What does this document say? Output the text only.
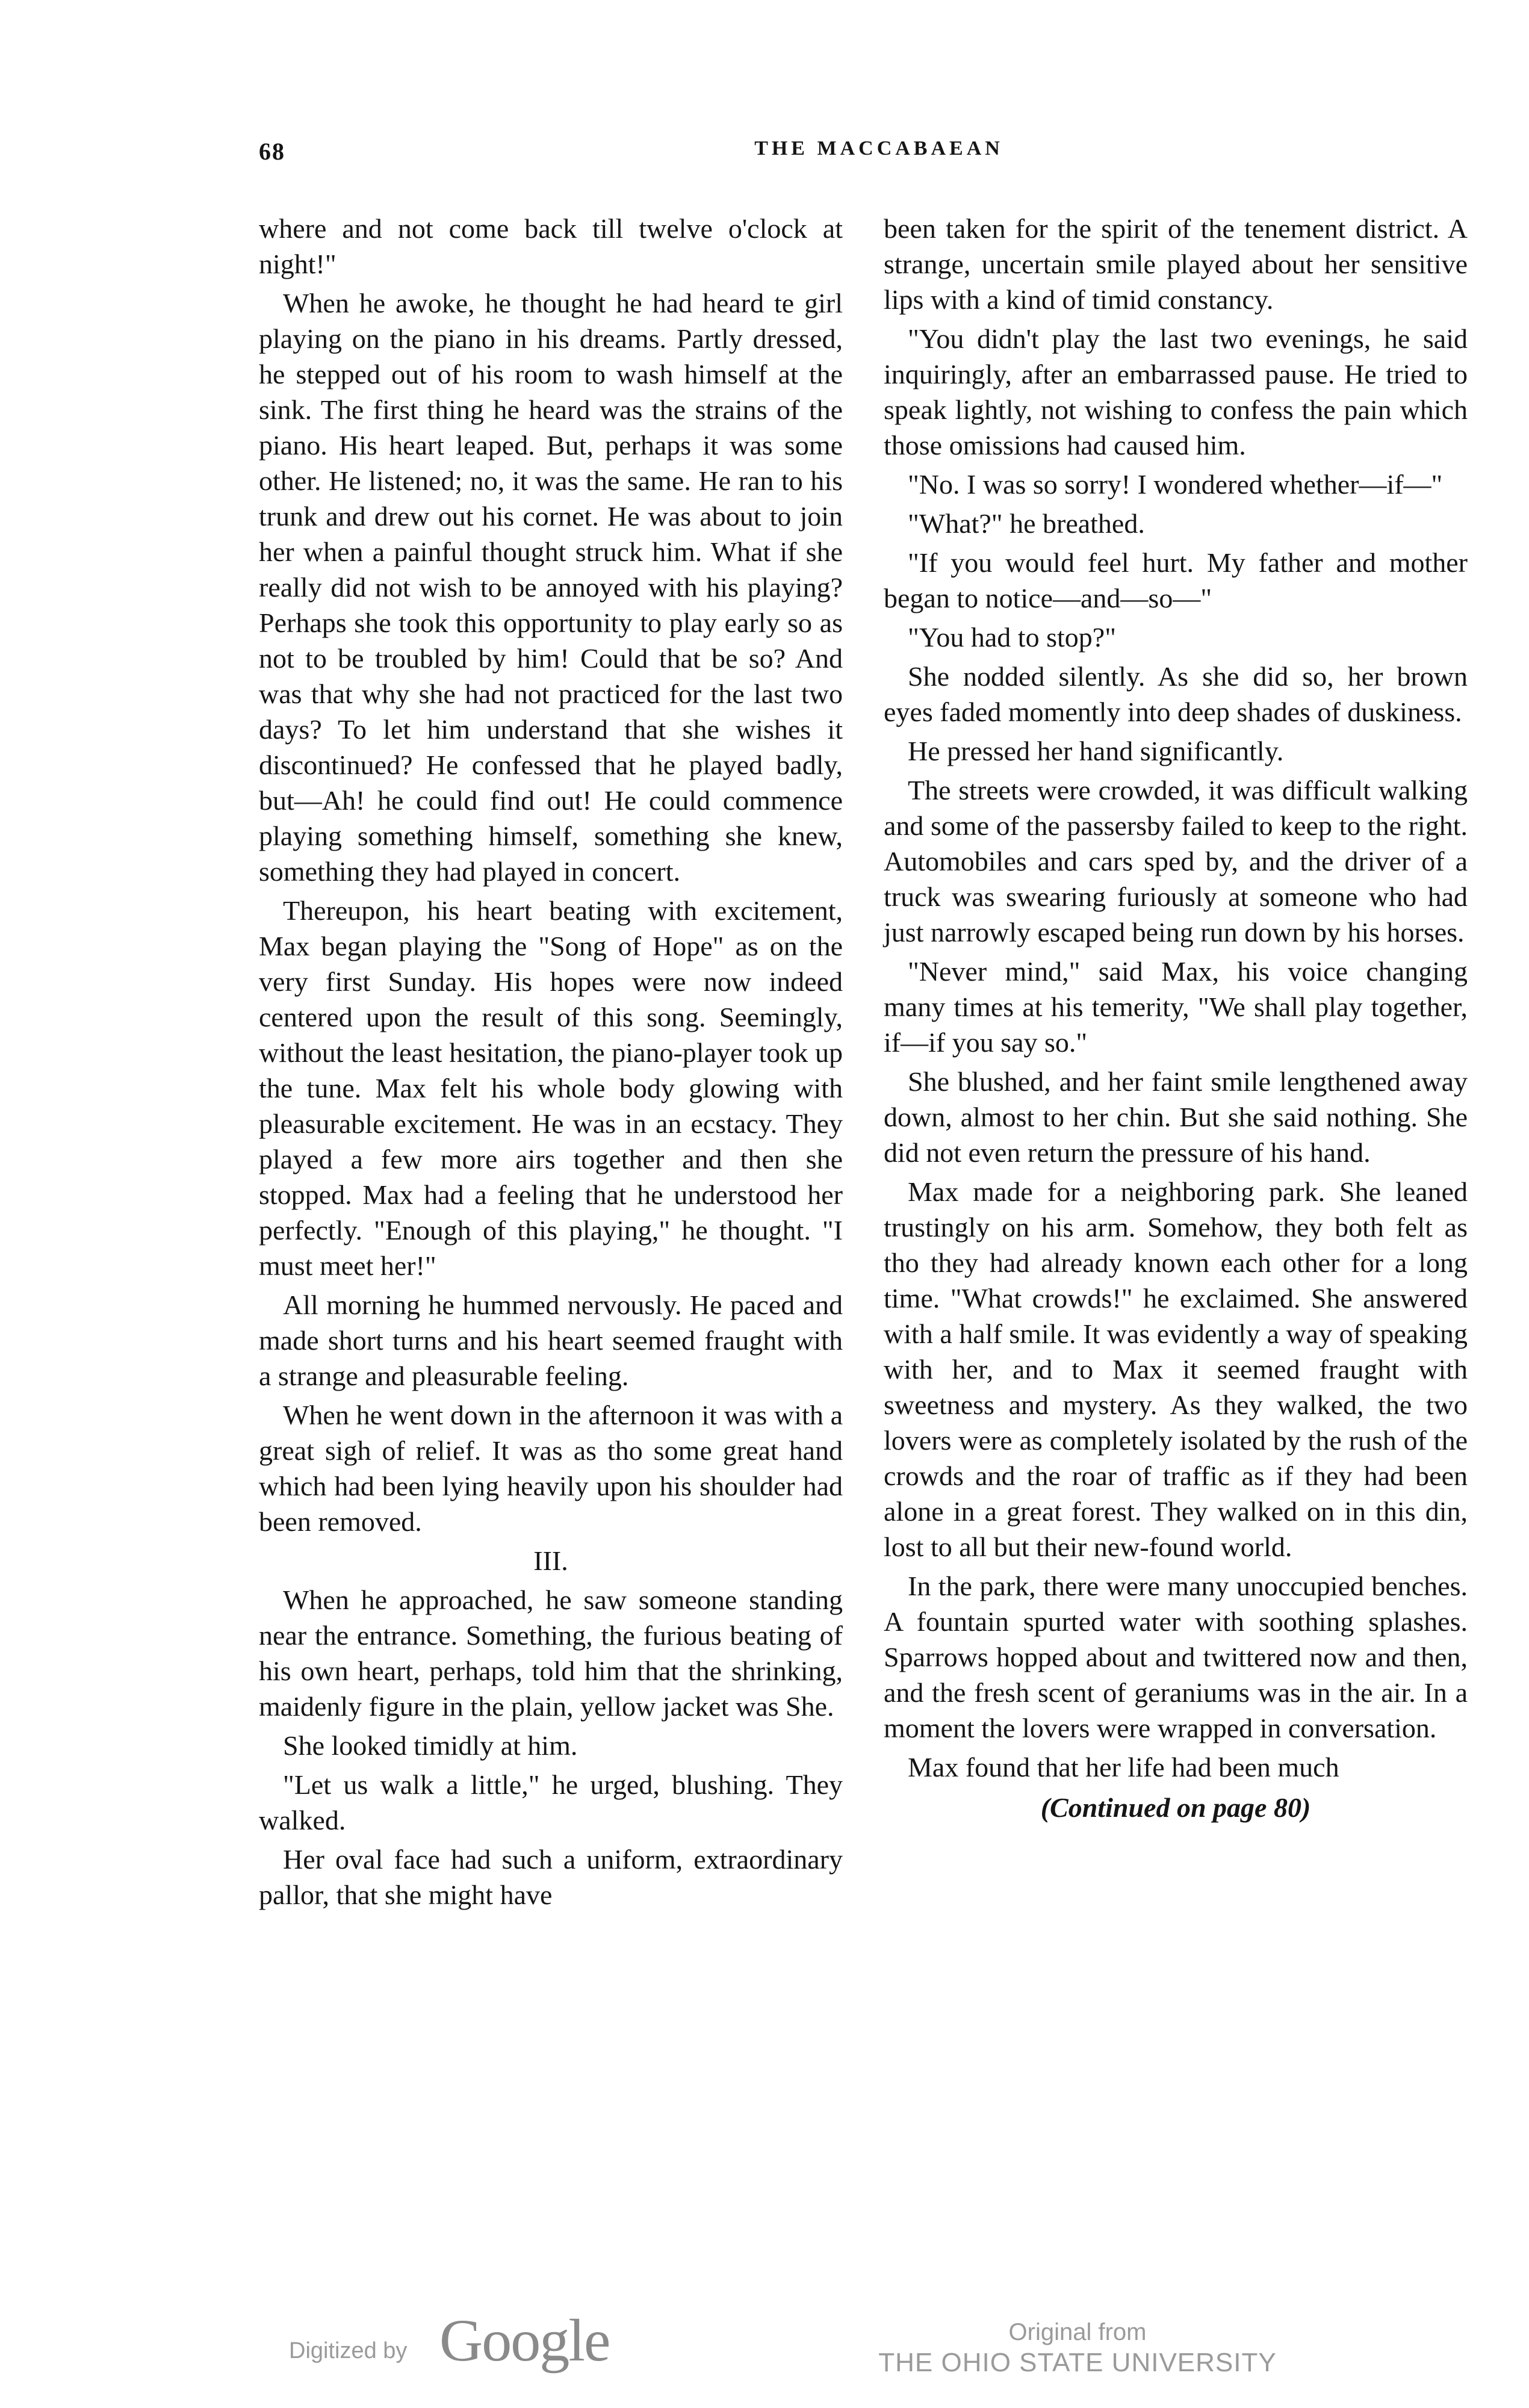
68	THE MACCABAEAN

where and not come back till twelve o'clock at night!"

When he awoke, he thought he had heard te girl playing on the piano in his dreams. Partly dressed, he stepped out of his room to wash himself at the sink. The first thing he heard was the strains of the piano. His heart leaped. But, perhaps it was some other. He listened; no, it was the same. He ran to his trunk and drew out his cornet. He was about to join her when a painful thought struck him. What if she really did not wish to be annoyed with his playing? Perhaps she took this opportunity to play early so as not to be troubled by him! Could that be so? And was that why she had not practiced for the last two days? To let him understand that she wishes it discontinued? He confessed that he played badly, but—Ah! he could find out! He could commence playing something himself, something she knew, something they had played in concert.

Thereupon, his heart beating with excitement, Max began playing the "Song of Hope" as on the very first Sunday. His hopes were now indeed centered upon the result of this song. Seemingly, without the least hesitation, the piano-player took up the tune. Max felt his whole body glowing with pleasurable excitement. He was in an ecstacy. They played a few more airs together and then she stopped. Max had a feeling that he understood her perfectly. "Enough of this playing," he thought. "I must meet her!"

All morning he hummed nervously. He paced and made short turns and his heart seemed fraught with a strange and pleasurable feeling.

When he went down in the afternoon it was with a great sigh of relief. It was as tho some great hand which had been lying heavily upon his shoulder had been removed.

III.

When he approached, he saw someone standing near the entrance. Something, the furious beating of his own heart, perhaps, told him that the shrinking, maidenly figure in the plain, yellow jacket was She.

She looked timidly at him.

"Let us walk a little," he urged, blushing. They walked.

Her oval face had such a uniform, extraordinary pallor, that she might have

been taken for the spirit of the tenement district. A strange, uncertain smile played about her sensitive lips with a kind of timid constancy.

"You didn't play the last two evenings, he said inquiringly, after an embarrassed pause. He tried to speak lightly, not wishing to confess the pain which those omissions had caused him.

"No. I was so sorry! I wondered whether—if—"

"What?" he breathed.

"If you would feel hurt. My father and mother began to notice—and—so—"

"You had to stop?"

She nodded silently. As she did so, her brown eyes faded momently into deep shades of duskiness.

He pressed her hand significantly.

The streets were crowded, it was difficult walking and some of the passersby failed to keep to the right. Automobiles and cars sped by, and the driver of a truck was swearing furiously at someone who had just narrowly escaped being run down by his horses.

"Never mind," said Max, his voice changing many times at his temerity, "We shall play together, if—if you say so."

She blushed, and her faint smile lengthened away down, almost to her chin. But she said nothing. She did not even return the pressure of his hand.

Max made for a neighboring park. She leaned trustingly on his arm. Somehow, they both felt as tho they had already known each other for a long time. "What crowds!" he exclaimed. She answered with a half smile. It was evidently a way of speaking with her, and to Max it seemed fraught with sweetness and mystery. As they walked, the two lovers were as completely isolated by the rush of the crowds and the roar of traffic as if they had been alone in a great forest. They walked on in this din, lost to all but their new-found world.

In the park, there were many unoccupied benches. A fountain spurted water with soothing splashes. Sparrows hopped about and twittered now and then, and the fresh scent of geraniums was in the air. In a moment the lovers were wrapped in conversation.

Max found that her life had been much

(Continued on page 80)

Digitized by Google	Original from
THE OHIO STATE UNIVERSITY
